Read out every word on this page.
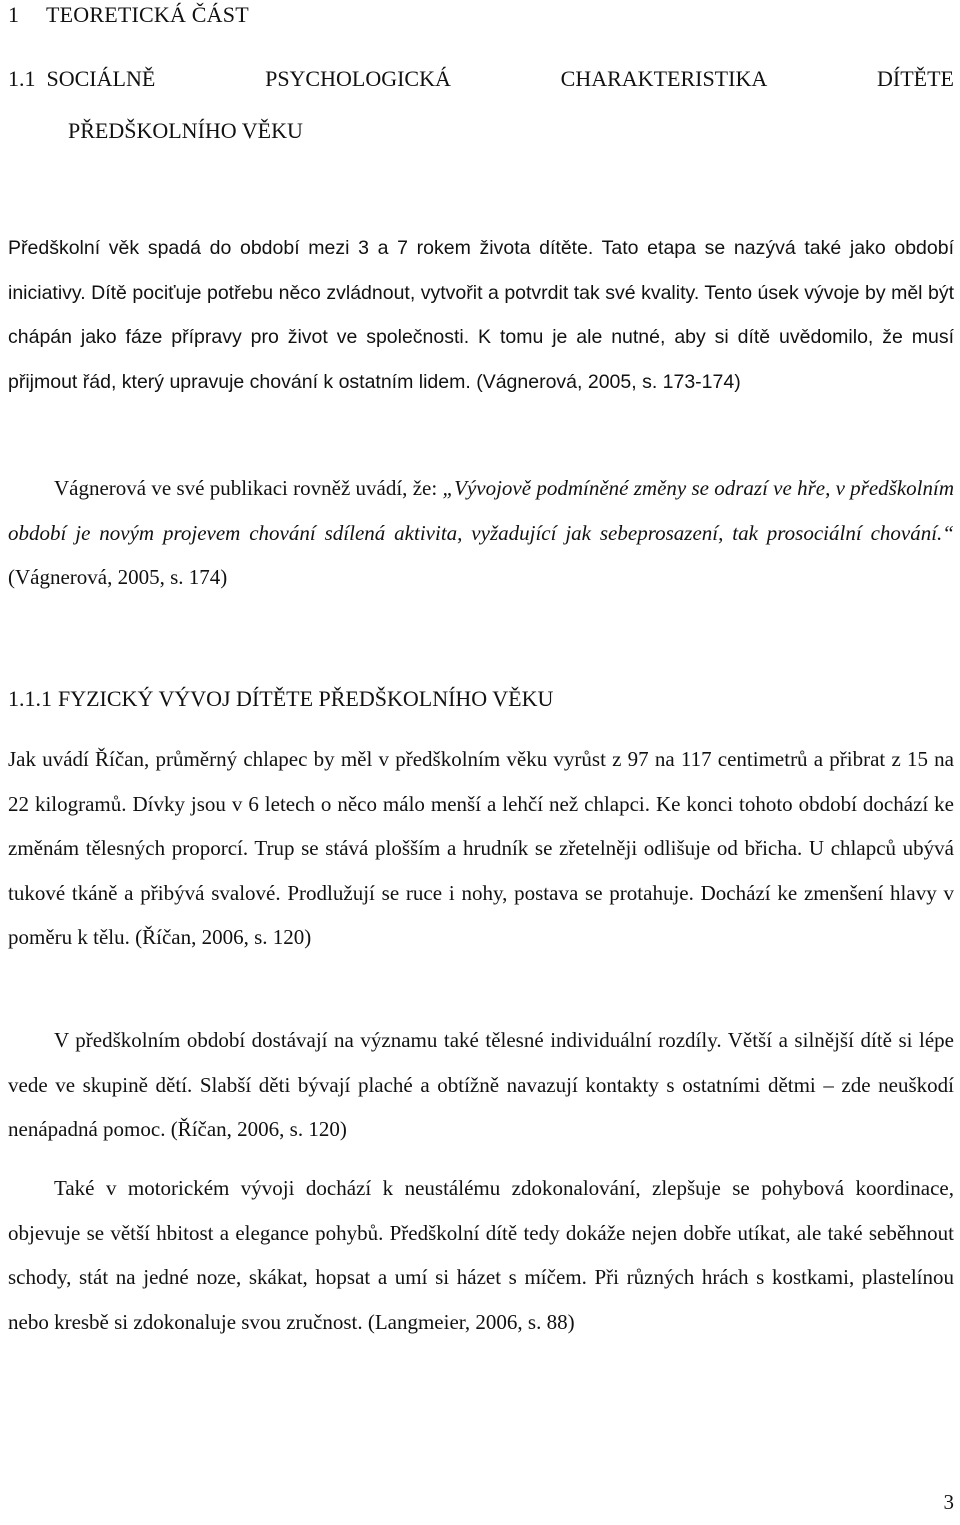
1 TEORETICKÁ ČÁST
1.1 SOCIÁLNĚ	PSYCHOLOGICKÁ	CHARAKTERISTIKA	DÍTĚTE
PŘEDŠKOLNÍHO VĚKU

Předškolní věk spadá do období mezi 3 a 7 rokem života dítěte. Tato etapa se nazývá také jako období iniciativy. Dítě pociťuje potřebu něco zvládnout, vytvořit a potvrdit tak své kvality. Tento úsek vývoje by měl být chápán jako fáze přípravy pro život ve společnosti. K tomu je ale nutné, aby si dítě uvědomilo, že musí přijmout řád, který upravuje chování k ostatním lidem. (Vágnerová, 2005, s. 173-174)

Vágnerová ve své publikaci rovněž uvádí, že: „Vývojově podmíněné změny se odrazí ve hře, v předškolním období je novým projevem chování sdílená aktivita, vyžadující jak sebeprosazení, tak prosociální chování.“ (Vágnerová, 2005, s. 174)

1.1.1 FYZICKÝ VÝVOJ DÍTĚTE PŘEDŠKOLNÍHO VĚKU

Jak uvádí Říčan, průměrný chlapec by měl v předškolním věku vyrůst z 97 na 117 centimetrů a přibrat z 15 na 22 kilogramů. Dívky jsou v 6 letech o něco málo menší a lehčí než chlapci. Ke konci tohoto období dochází ke změnám tělesných proporcí. Trup se stává plošším a hrudník se zřetelněji odlišuje od břicha. U chlapců ubývá tukové tkáně a přibývá svalové. Prodlužují se ruce i nohy, postava se protahuje. Dochází ke zmenšení hlavy v poměru k tělu. (Říčan, 2006, s. 120)

V předškolním období dostávají na významu také tělesné individuální rozdíly. Větší a silnější dítě si lépe vede ve skupině dětí. Slabší děti bývají plaché a obtížně navazují kontakty s ostatními dětmi – zde neuškodí nenápadná pomoc. (Říčan, 2006, s. 120)

Také v motorickém vývoji dochází k neustálému zdokonalování, zlepšuje se pohybová koordinace, objevuje se větší hbitost a elegance pohybů. Předškolní dítě tedy dokáže nejen dobře utíkat, ale také seběhnout schody, stát na jedné noze, skákat, hopsat a umí si házet s míčem. Při různých hrách s kostkami, plastelínou nebo kresbě si zdokonaluje svou zručnost. (Langmeier, 2006, s. 88)

3
